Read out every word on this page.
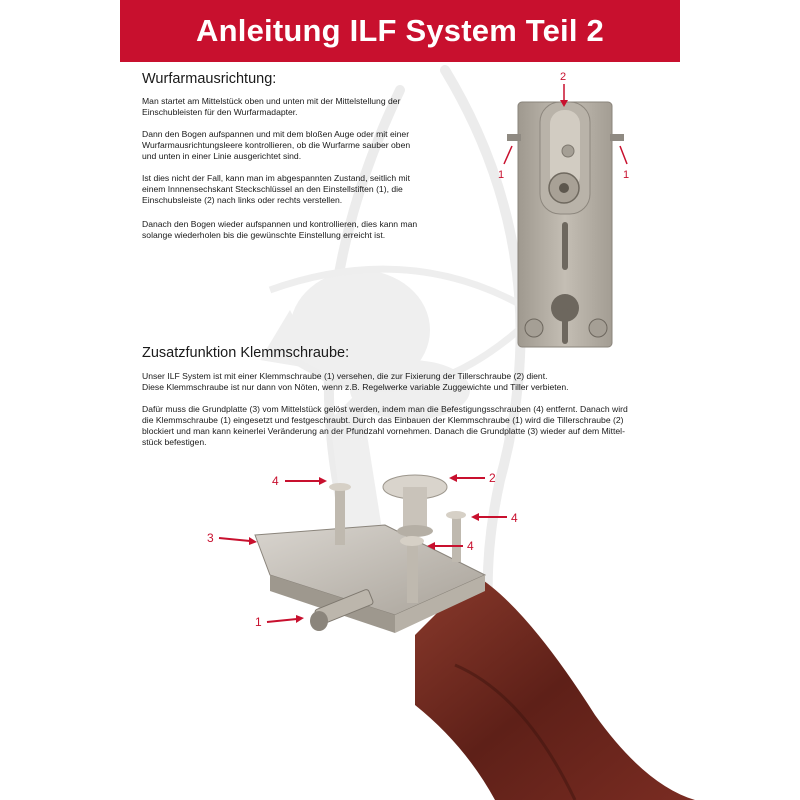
Anleitung ILF System Teil 2
Wurfarmausrichtung:
Man startet am Mittelstück oben und unten mit der Mittelstellung der
Einschubleisten für den Wurfarmadapter.
Dann den Bogen aufspannen und mit dem bloßen Auge oder mit einer
Wurfarmausrichtungsleere kontrollieren, ob die Wurfarme sauber oben
und unten in einer Linie ausgerichtet sind.
Ist dies nicht der Fall, kann man im abgespannten Zustand, seitlich mit
einem Innnensechskant Steckschlüssel an den Einstellstiften (1), die
Einschubsleiste (2) nach links oder rechts verstellen.
Danach den Bogen wieder aufspannen und kontrollieren, dies kann man
solange wiederholen bis die gewünschte Einstellung erreicht ist.
2
1	1
Zusatzfunktion Klemmschraube:
Unser ILF System ist mit einer Klemmschraube (1) versehen, die zur Fixierung der Tillerschraube (2) dient.
Diese Klemmschraube ist nur dann von Nöten, wenn z.B. Regelwerke variable Zuggewichte und Tiller verbieten.
Dafür muss die Grundplatte (3) vom Mittelstück gelöst werden, indem man die Befestigungsschrauben (4) entfernt. Danach wird
die Klemmschraube (1) eingesetzt und festgeschraubt. Durch das Einbauen der Klemmschraube (1) wird die Tillerschraube (2)
blockiert und man kann keinerlei Veränderung an der Pfundzahl vornehmen. Danach die Grundplatte (3) wieder auf dem Mittel-
stück befestigen.
4	2
4
3
4
1
